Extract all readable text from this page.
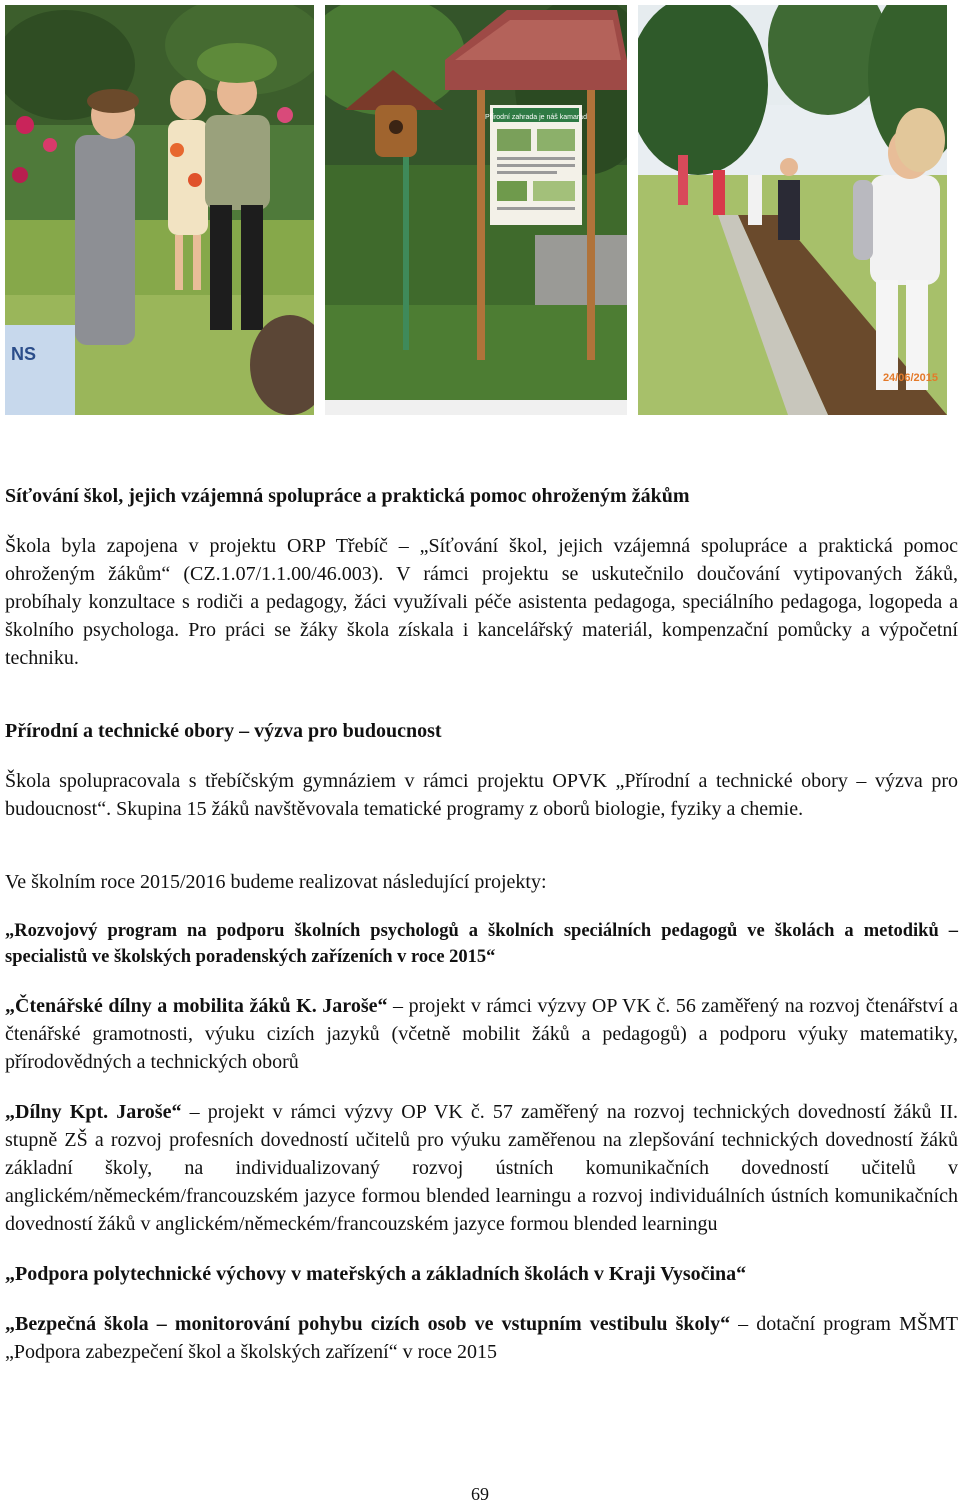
NS
Přírodní zahrada je náš kamarád
24/06/2015

Síťování škol, jejich vzájemná spolupráce a praktická pomoc ohroženým žákům

Škola byla zapojena v projektu ORP Třebíč – „Síťování škol, jejich vzájemná spolupráce a praktická pomoc ohroženým žákům“ (CZ.1.07/1.1.00/46.003). V rámci projektu se uskutečnilo doučování vytipovaných žáků, probíhaly konzultace s rodiči a pedagogy, žáci využívali péče asistenta pedagoga, speciálního pedagoga, logopeda a školního psychologa. Pro práci se žáky škola získala i kancelářský materiál, kompenzační pomůcky a výpočetní techniku.

Přírodní a technické obory – výzva pro budoucnost

Škola spolupracovala s třebíčským gymnáziem v rámci projektu OPVK „Přírodní a technické obory – výzva pro budoucnost“. Skupina 15 žáků navštěvovala tematické programy z oborů biologie, fyziky a chemie.

Ve školním roce 2015/2016 budeme realizovat následující projekty:

„Rozvojový program na podporu školních psychologů a školních speciálních pedagogů ve školách a metodiků – specialistů ve školských poradenských zařízeních v roce 2015“

„Čtenářské dílny a mobilita žáků K. Jaroše“ – projekt v rámci výzvy OP VK č. 56 zaměřený na rozvoj čtenářství a čtenářské gramotnosti, výuku cizích jazyků (včetně mobilit žáků a pedagogů) a podporu výuky matematiky, přírodovědných a technických oborů

„Dílny Kpt. Jaroše“ – projekt v rámci výzvy OP VK č. 57 zaměřený na rozvoj technických dovedností žáků II. stupně ZŠ a rozvoj profesních dovedností učitelů pro výuku zaměřenou na zlepšování technických dovedností žáků základní školy, na individualizovaný rozvoj ústních komunikačních dovedností učitelů v anglickém/německém/francouzském jazyce formou blended learningu a rozvoj individuálních ústních komunikačních dovedností žáků v anglickém/německém/francouzském jazyce formou blended learningu

„Podpora polytechnické výchovy v mateřských a základních školách v Kraji Vysočina“

„Bezpečná škola – monitorování pohybu cizích osob ve vstupním vestibulu školy“ – dotační program MŠMT „Podpora zabezpečení škol a školských zařízení“ v roce 2015

69
